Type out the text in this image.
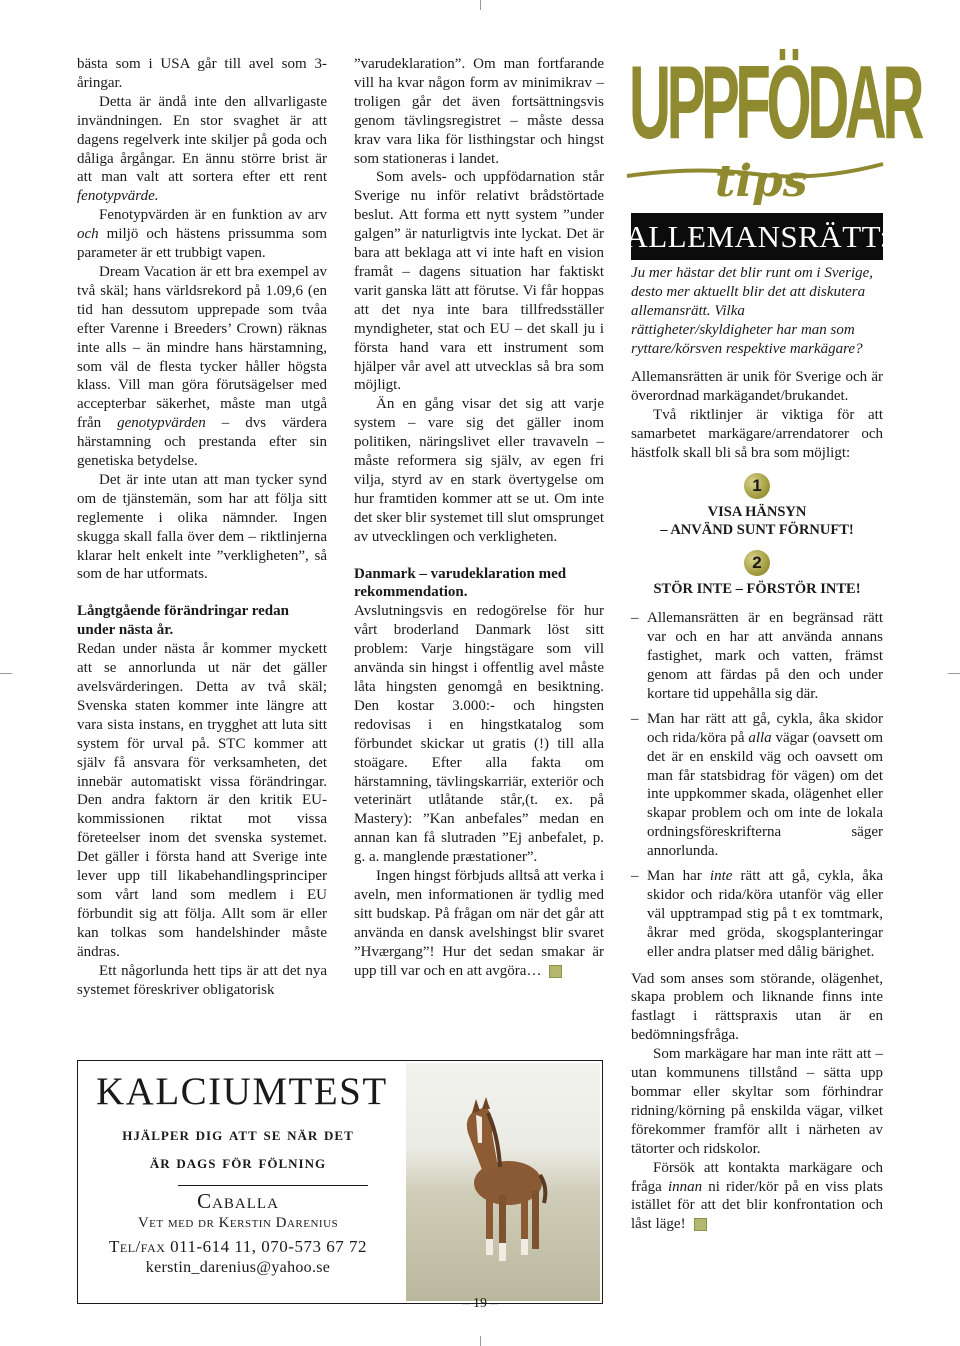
bästa som i USA går till avel som 3-åringar.

Detta är ändå inte den allvarligaste invändningen. En stor svaghet är att dagens regelverk inte skiljer på goda och dåliga årgångar. En ännu större brist är att man valt att sortera efter ett rent fenotypvärde.

Fenotypvärden är en funktion av arv och miljö och hästens prissumma som parameter är ett trubbigt vapen.

Dream Vacation är ett bra exempel av två skäl; hans världsrekord på 1.09,6 (en tid han dessutom upprepade som tvåa efter Varenne i Breeders’ Crown) räknas inte alls – än mindre hans härstamning, som väl de flesta tycker håller högsta klass. Vill man göra förutsägelser med accepterbar säkerhet, måste man utgå från genotypvärden – dvs värdera härstamning och prestanda efter sin genetiska betydelse.

Det är inte utan att man tycker synd om de tjänstemän, som har att följa sitt reglemente i olika nämnder. Ingen skugga skall falla över dem – riktlinjerna klarar helt enkelt inte ”verkligheten”, så som de har utformats.

Långtgående förändringar redan under nästa år.

Redan under nästa år kommer myckett att se annorlunda ut när det gäller avelsvärderingen. Detta av två skäl; Svenska staten kommer inte längre att vara sista instans, en trygghet att luta sitt system för urval på. STC kommer att själv få ansvara för verksamheten, det innebär automatiskt vissa förändringar. Den andra faktorn är den kritik EU-kommissionen riktat mot vissa företeelser inom det svenska systemet. Det gäller i första hand att Sverige inte lever upp till likabehandlingsprinciper som vårt land som medlem i EU förbundit sig att följa. Allt som är eller kan tolkas som handelshinder måste ändras.

Ett någorlunda hett tips är att det nya systemet föreskriver obligatorisk

”varudeklaration”. Om man fortfarande vill ha kvar någon form av minimikrav – troligen går det även fortsättningsvis genom tävlingsregistret – måste dessa krav vara lika för listhingstar och hingst som stationeras i landet.

Som avels- och uppfödarnation står Sverige nu inför relativt brådstörtade beslut. Att forma ett nytt system ”under galgen” är naturligtvis inte lyckat. Det är bara att beklaga att vi inte haft en vision framåt – dagens situation har faktiskt varit ganska lätt att förutse. Vi får hoppas att det nya inte bara tillfredsställer myndigheter, stat och EU – det skall ju i första hand vara ett instrument som hjälper vår avel att utvecklas så bra som möjligt.

Än en gång visar det sig att varje system – vare sig det gäller inom politiken, näringslivet eller travaveln – måste reformera sig själv, av egen fri vilja, styrd av en stark övertygelse om hur framtiden kommer att se ut. Om inte det sker blir systemet till slut omsprunget av utvecklingen och verkligheten.

Danmark – varudeklaration med rekommendation.

Avslutningsvis en redogörelse för hur vårt broderland Danmark löst sitt problem: Varje hingstägare som vill använda sin hingst i offentlig avel måste låta hingsten genomgå en besiktning. Den kostar 3.000:- och hingsten redovisas i en hingstkatalog som förbundet skickar ut gratis (!) till alla stoägare. Efter alla fakta om härstamning, tävlingskarriär, exteriör och veterinärt utlåtande står,(t. ex. på Mastery): ”Kan anbefales” medan en annan kan få slutraden ”Ej anbefalet, p. g. a. manglende præstationer”.

Ingen hingst förbjuds alltså att verka i aveln, men informationen är tydlig med sitt budskap. På frågan om när det går att använda en dansk avelshingst blir svaret ”Hværgang”! Hur det sedan smakar är upp till var och en att avgöra…

UPPFÖDAR
tips
ALLEMANSRÄTT:
Ju mer hästar det blir runt om i Sverige, desto mer aktuellt blir det att diskutera allemansrätt. Vilka rättigheter/skyldigheter har man som ryttare/körsven respektive markägare?

Allemansrätten är unik för Sverige och är överordnad markägandet/brukandet.

Två riktlinjer är viktiga för att samarbetet markägare/arrendatorer och hästfolk skall bli så bra som möjligt:

1
VISA HÄNSYN
– ANVÄND SUNT FÖRNUFT!
2
STÖR INTE – FÖRSTÖR INTE!
– Allemansrätten är en begränsad rätt var och en har att använda annans fastighet, mark och vatten, främst genom att färdas på den och under kortare tid uppehålla sig där.
– Man har rätt att gå, cykla, åka skidor och rida/köra på alla vägar (oavsett om det är en enskild väg och oavsett om man får statsbidrag för vägen) om det inte uppkommer skada, olägenhet eller skapar problem och om inte de lokala ordningsföreskrifterna säger annorlunda.
– Man har inte rätt att gå, cykla, åka skidor och rida/köra utanför väg eller väl upptrampad stig på t ex tomtmark, åkrar med gröda, skogsplanteringar eller andra platser med dålig bärighet.

Vad som anses som störande, olägenhet, skapa problem och liknande finns inte fastlagt i rättspraxis utan är en bedömningsfråga.

Som markägare har man inte rätt att – utan kommunens tillstånd – sätta upp bommar eller skyltar som förhindrar ridning/körning på enskilda vägar, vilket förekommer framför allt i närheten av tätorter och ridskolor.

Försök att kontakta markägare och fråga innan ni rider/kör på en viss plats istället för att det blir konfrontation och låst läge!

KALCIUMTEST
hjälper dig att se när det
är dags för fölning
Caballa
Vet med dr Kerstin Darenius
Tel/fax 011-614 11, 070-573 67 72
kerstin_darenius@yahoo.se
– 19 –
